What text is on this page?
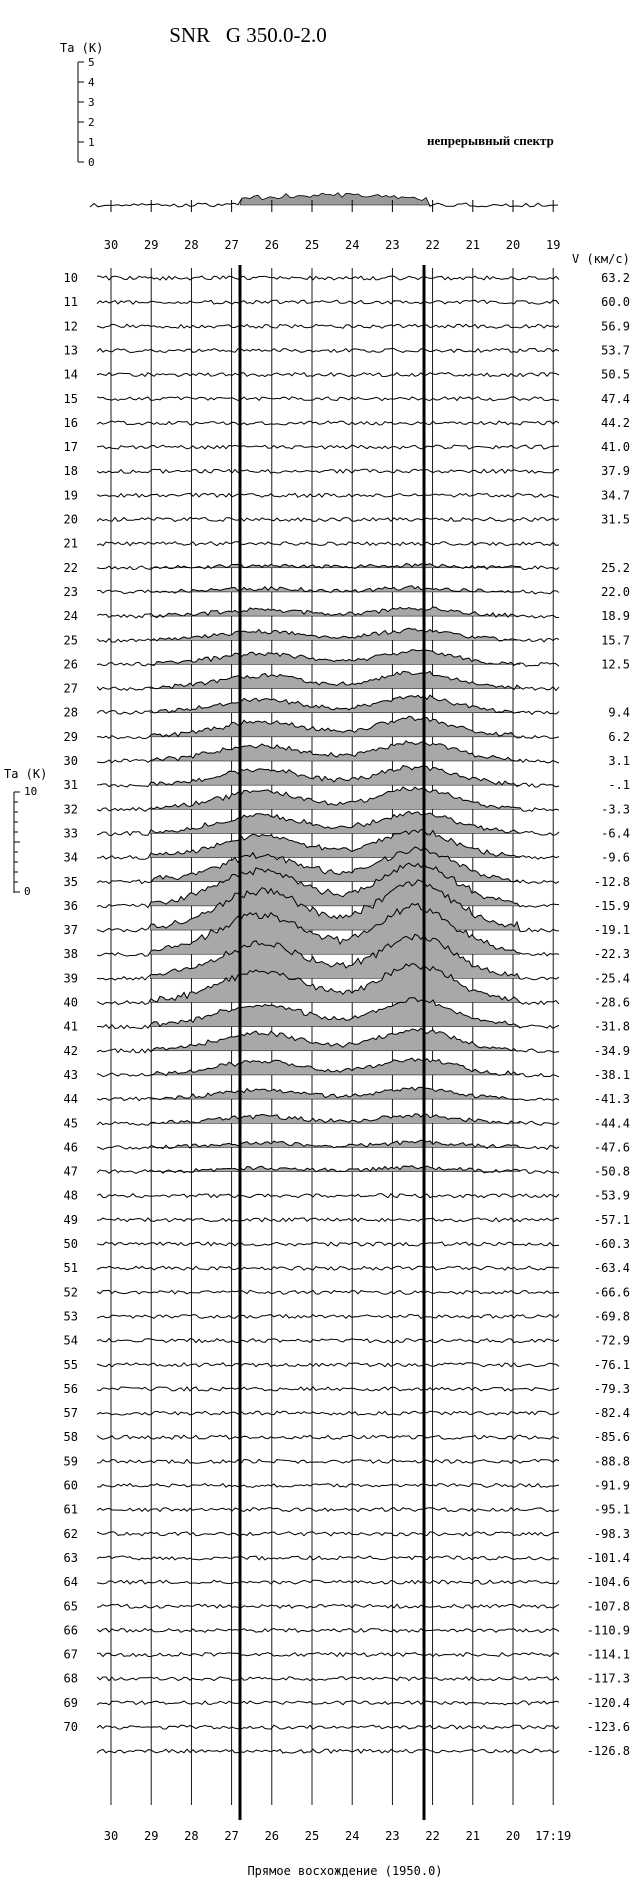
SNR   G 350.0-2.0
непрерывный спектр
Ta (K)
5
4
3
2
1
0
Ta (K)
10
0
30 29 28 27 26 25 24 23 22 21 20 19
V (км/с)
10
11
12
13
14
15
16
17
18
19
20
21
22
23
24
25
26
27
28
29
30
31
32
33
34
35
36
37
38
39
40
41
42
43
44
45
46
47
48
49
50
51
52
53
54
55
56
57
58
59
60
61
62
63
64
65
66
67
68
69
70
63.2
60.0
56.9
53.7
50.5
47.4
44.2
41.0
37.9
34.7
31.5
25.2
22.0
18.9
15.7
12.5
9.4
6.2
3.1
-.1
-3.3
-6.4
-9.6
-12.8
-15.9
-19.1
-22.3
-25.4
-28.6
-31.8
-34.9
-38.1
-41.3
-44.4
-47.6
-50.8
-53.9
-57.1
-60.3
-63.4
-66.6
-69.8
-72.9
-76.1
-79.3
-82.4
-85.6
-88.8
-91.9
-95.1
-98.3
-101.4
-104.6
-107.8
-110.9
-114.1
-117.3
-120.4
-123.6
-126.8
30 29 28 27 26 25 24 23 22 21 20 17:19
Прямое восхождение (1950.0)
